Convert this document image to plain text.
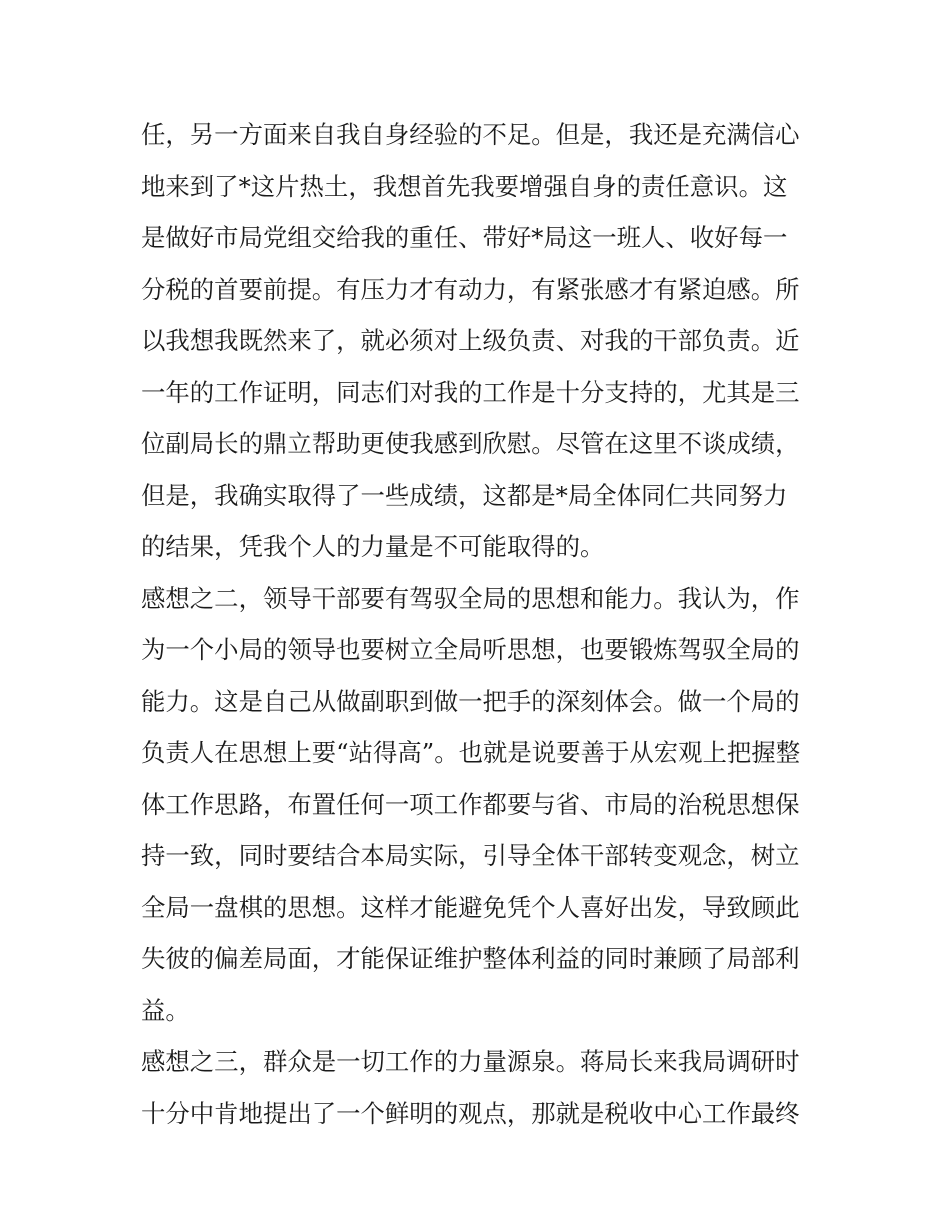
任，另一方面来自我自身经验的不足。但是，我还是充满信心
地来到了*这片热土，我想首先我要增强自身的责任意识。这
是做好市局党组交给我的重任、带好*局这一班人、收好每一
分税的首要前提。有压力才有动力，有紧张感才有紧迫感。所
以我想我既然来了，就必须对上级负责、对我的干部负责。近
一年的工作证明，同志们对我的工作是十分支持的，尤其是三
位副局长的鼎立帮助更使我感到欣慰。尽管在这里不谈成绩，
但是，我确实取得了一些成绩，这都是*局全体同仁共同努力
的结果，凭我个人的力量是不可能取得的。
感想之二，领导干部要有驾驭全局的思想和能力。我认为，作
为一个小局的领导也要树立全局听思想，也要锻炼驾驭全局的
能力。这是自己从做副职到做一把手的深刻体会。做一个局的
负责人在思想上要“站得高”。也就是说要善于从宏观上把握整
体工作思路，布置任何一项工作都要与省、市局的治税思想保
持一致，同时要结合本局实际，引导全体干部转变观念，树立
全局一盘棋的思想。这样才能避免凭个人喜好出发，导致顾此
失彼的偏差局面，才能保证维护整体利益的同时兼顾了局部利
益。
感想之三，群众是一切工作的力量源泉。蒋局长来我局调研时
十分中肯地提出了一个鲜明的观点，那就是税收中心工作最终
